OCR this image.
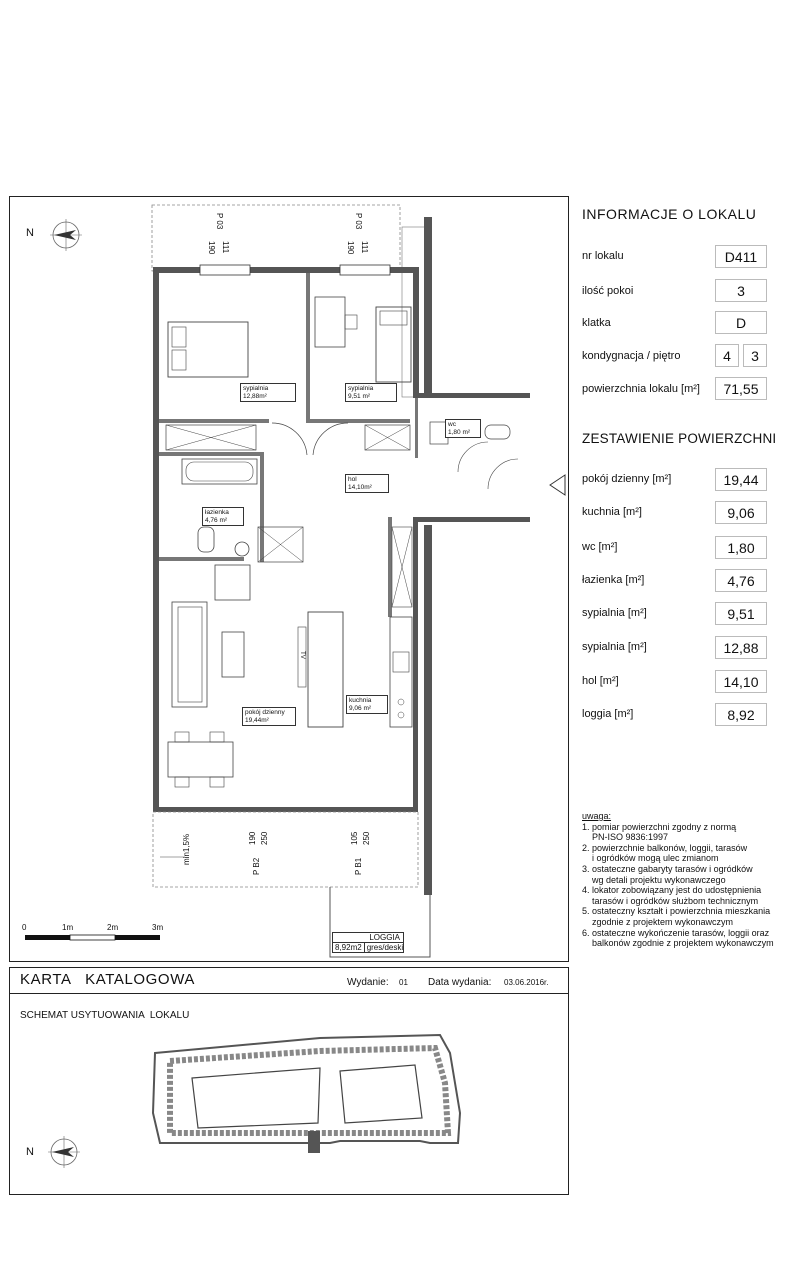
P 03
190 111
P 03
190 111
N
sypialnia
12,88m²
sypialnia
9,51 m²
wc
1,80 m²
hol
14,10m²
łazienka
4,76 m²
kuchnia
9,06 m²
pokój dzienny
19,44m²
TV
190 250
P B2
105 250
P B1
min1,5%
0	1m	2m	3m
LOGGIA
8,92m2 gres/deski
INFORMACJE O LOKALU
nr lokalu	D411
ilość pokoi	3
klatka	D
kondygnacja / piętro	4	3
powierzchnia lokalu [m²]	71,55
ZESTAWIENIE POWIERZCHNI
pokój dzienny [m²]	19,44
kuchnia [m²]	9,06
wc [m²]	1,80
łazienka [m²]	4,76
sypialnia [m²]	9,51
sypialnia [m²]	12,88
hol [m²]	14,10
loggia [m²]	8,92
uwaga:
1. pomiar powierzchni zgodny z normą
PN-ISO 9836:1997
2. powierzchnie balkonów, loggii, tarasów
i ogródków mogą ulec zmianom
3. ostateczne gabaryty tarasów i ogródków
wg detali projektu wykonawczego
4. lokator zobowiązany jest do udostępnienia
tarasów i ogródków służbom technicznym
5. ostateczny kształt i powierzchnia mieszkania
zgodnie z projektem wykonawczym
6. ostateczne wykończenie tarasów, loggii oraz
balkonów zgodnie z projektem wykonawczym
KARTA   KATALOGOWA	Wydanie: 01 Data wydania: 03.06.2016r.
SCHEMAT USYTUOWANIA  LOKALU
N
